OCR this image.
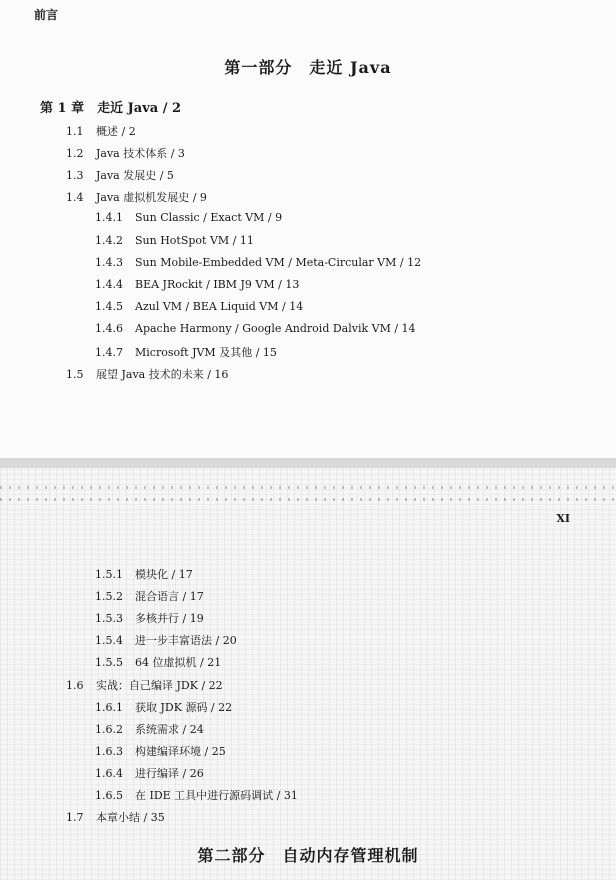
前言
第一部分　走近 Java
第 1 章　走近 Java / 2
1.1 概述 / 2
1.2 Java 技术体系 / 3
1.3 Java 发展史 / 5
1.4 Java 虚拟机发展史 / 9
1.4.1 Sun Classic / Exact VM / 9
1.4.2 Sun HotSpot VM / 11
1.4.3 Sun Mobile-Embedded VM / Meta-Circular VM / 12
1.4.4 BEA JRockit / IBM J9 VM / 13
1.4.5 Azul VM / BEA Liquid VM / 14
1.4.6 Apache Harmony / Google Android Dalvik VM / 14
1.4.7 Microsoft JVM 及其他 / 15
1.5 展望 Java 技术的未来 / 16
XI
1.5.1 模块化 / 17
1.5.2 混合语言 / 17
1.5.3 多核并行 / 19
1.5.4 进一步丰富语法 / 20
1.5.5 64 位虚拟机 / 21
1.6 实战：自己编译 JDK / 22
1.6.1 获取 JDK 源码 / 22
1.6.2 系统需求 / 24
1.6.3 构建编译环境 / 25
1.6.4 进行编译 / 26
1.6.5 在 IDE 工具中进行源码调试 / 31
1.7 本章小结 / 35
第二部分　自动内存管理机制
